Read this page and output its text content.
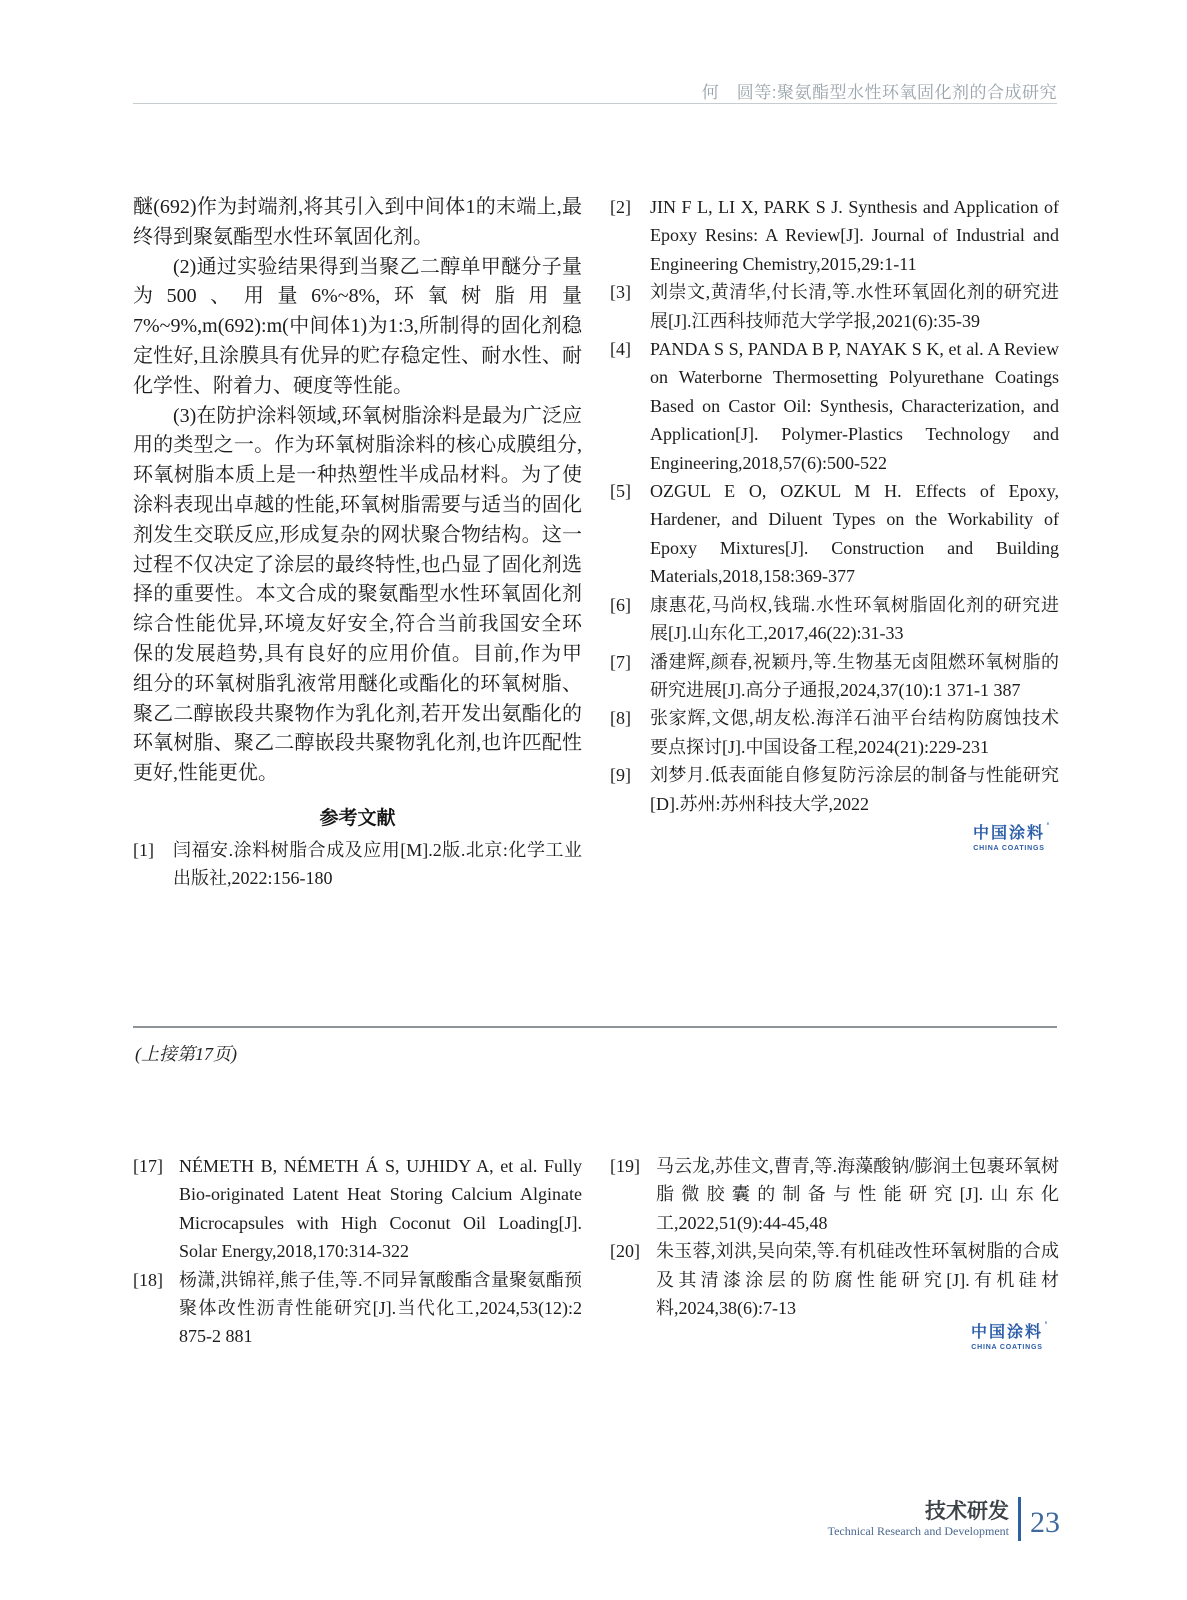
何　圆等:聚氨酯型水性环氧固化剂的合成研究

醚(692)作为封端剂,将其引入到中间体1的末端上,最终得到聚氨酯型水性环氧固化剂。

(2)通过实验结果得到当聚乙二醇单甲醚分子量为500、用量6%~8%,环氧树脂用量7%~9%,m(692):m(中间体1)为1:3,所制得的固化剂稳定性好,且涂膜具有优异的贮存稳定性、耐水性、耐化学性、附着力、硬度等性能。

(3)在防护涂料领域,环氧树脂涂料是最为广泛应用的类型之一。作为环氧树脂涂料的核心成膜组分,环氧树脂本质上是一种热塑性半成品材料。为了使涂料表现出卓越的性能,环氧树脂需要与适当的固化剂发生交联反应,形成复杂的网状聚合物结构。这一过程不仅决定了涂层的最终特性,也凸显了固化剂选择的重要性。本文合成的聚氨酯型水性环氧固化剂综合性能优异,环境友好安全,符合当前我国安全环保的发展趋势,具有良好的应用价值。目前,作为甲组分的环氧树脂乳液常用醚化或酯化的环氧树脂、聚乙二醇嵌段共聚物作为乳化剂,若开发出氨酯化的环氧树脂、聚乙二醇嵌段共聚物乳化剂,也许匹配性更好,性能更优。

参考文献
[1]	闫福安.涂料树脂合成及应用[M].2版.北京:化学工业出版社,2022:156-180
[2]	JIN F L, LI X, PARK S J. Synthesis and Application of Epoxy Resins: A Review[J]. Journal of Industrial and Engineering Chemistry,2015,29:1-11
[3]	刘崇文,黄清华,付长清,等.水性环氧固化剂的研究进展[J].江西科技师范大学学报,2021(6):35-39
[4]	PANDA S S, PANDA B P, NAYAK S K, et al. A Review on Waterborne Thermosetting Polyurethane Coatings Based on Castor Oil: Synthesis, Characterization, and Application[J]. Polymer-Plastics Technology and Engineering,2018,57(6):500-522
[5]	OZGUL E O, OZKUL M H. Effects of Epoxy, Hardener, and Diluent Types on the Workability of Epoxy Mixtures[J]. Construction and Building Materials,2018,158:369-377
[6]	康惠花,马尚权,钱瑞.水性环氧树脂固化剂的研究进展[J].山东化工,2017,46(22):31-33
[7]	潘建辉,颜春,祝颖丹,等.生物基无卤阻燃环氧树脂的研究进展[J].高分子通报,2024,37(10):1 371-1 387
[8]	张家辉,文偲,胡友松.海洋石油平台结构防腐蚀技术要点探讨[J].中国设备工程,2024(21):229-231
[9]	刘梦月.低表面能自修复防污涂层的制备与性能研究[D].苏州:苏州科技大学,2022
中国涂料 '
CHINA COATINGS
(上接第17页)
[17] NÉMETH B, NÉMETH Á S, UJHIDY A, et al. Fully Bio-originated Latent Heat Storing Calcium Alginate Microcapsules with High Coconut Oil Loading[J]. Solar Energy,2018,170:314-322
[18] 杨潇,洪锦祥,熊子佳,等.不同异氰酸酯含量聚氨酯预聚体改性沥青性能研究[J].当代化工,2024,53(12):2 875-2 881
[19] 马云龙,苏佳文,曹青,等.海藻酸钠/膨润土包裹环氧树脂微胶囊的制备与性能研究[J].山东化工,2022,51(9):44-45,48
[20] 朱玉蓉,刘洪,吴向荣,等.有机硅改性环氧树脂的合成及其清漆涂层的防腐性能研究[J].有机硅材料,2024,38(6):7-13
中国涂料 '
CHINA COATINGS
技术研发
Technical Research and Development 23
